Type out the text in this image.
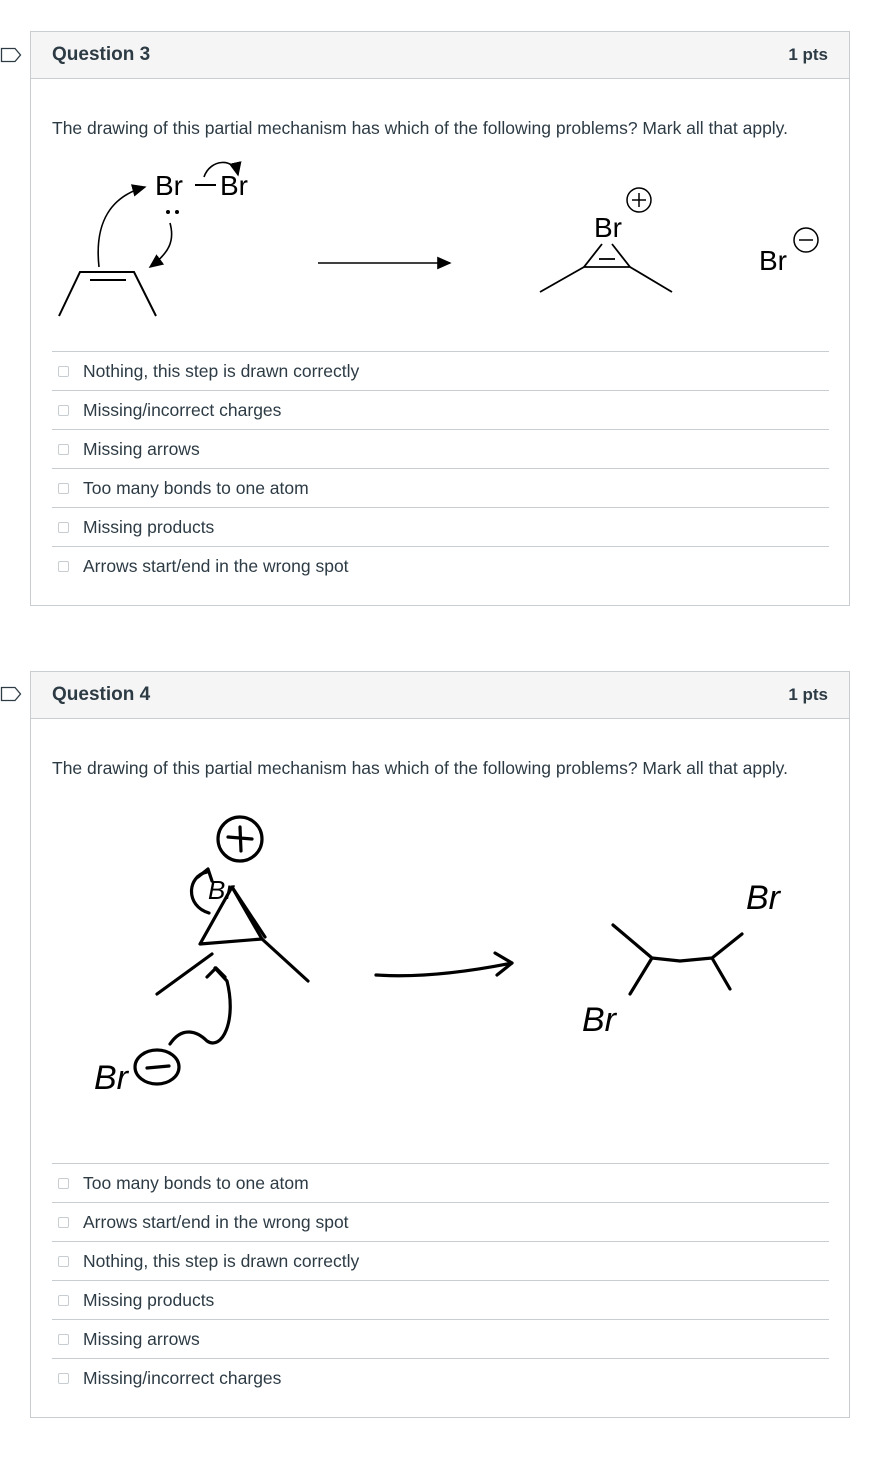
Question 3	1 pts
The drawing of this partial mechanism has which of the following problems? Mark all that apply.
Br Br
Br
Br
Nothing, this step is drawn correctly
Missing/incorrect charges
Missing arrows
Too many bonds to one atom
Missing products
Arrows start/end in the wrong spot
Question 4	1 pts
The drawing of this partial mechanism has which of the following problems? Mark all that apply.
Br	Br
Br
Br
Too many bonds to one atom
Arrows start/end in the wrong spot
Nothing, this step is drawn correctly
Missing products
Missing arrows
Missing/incorrect charges
